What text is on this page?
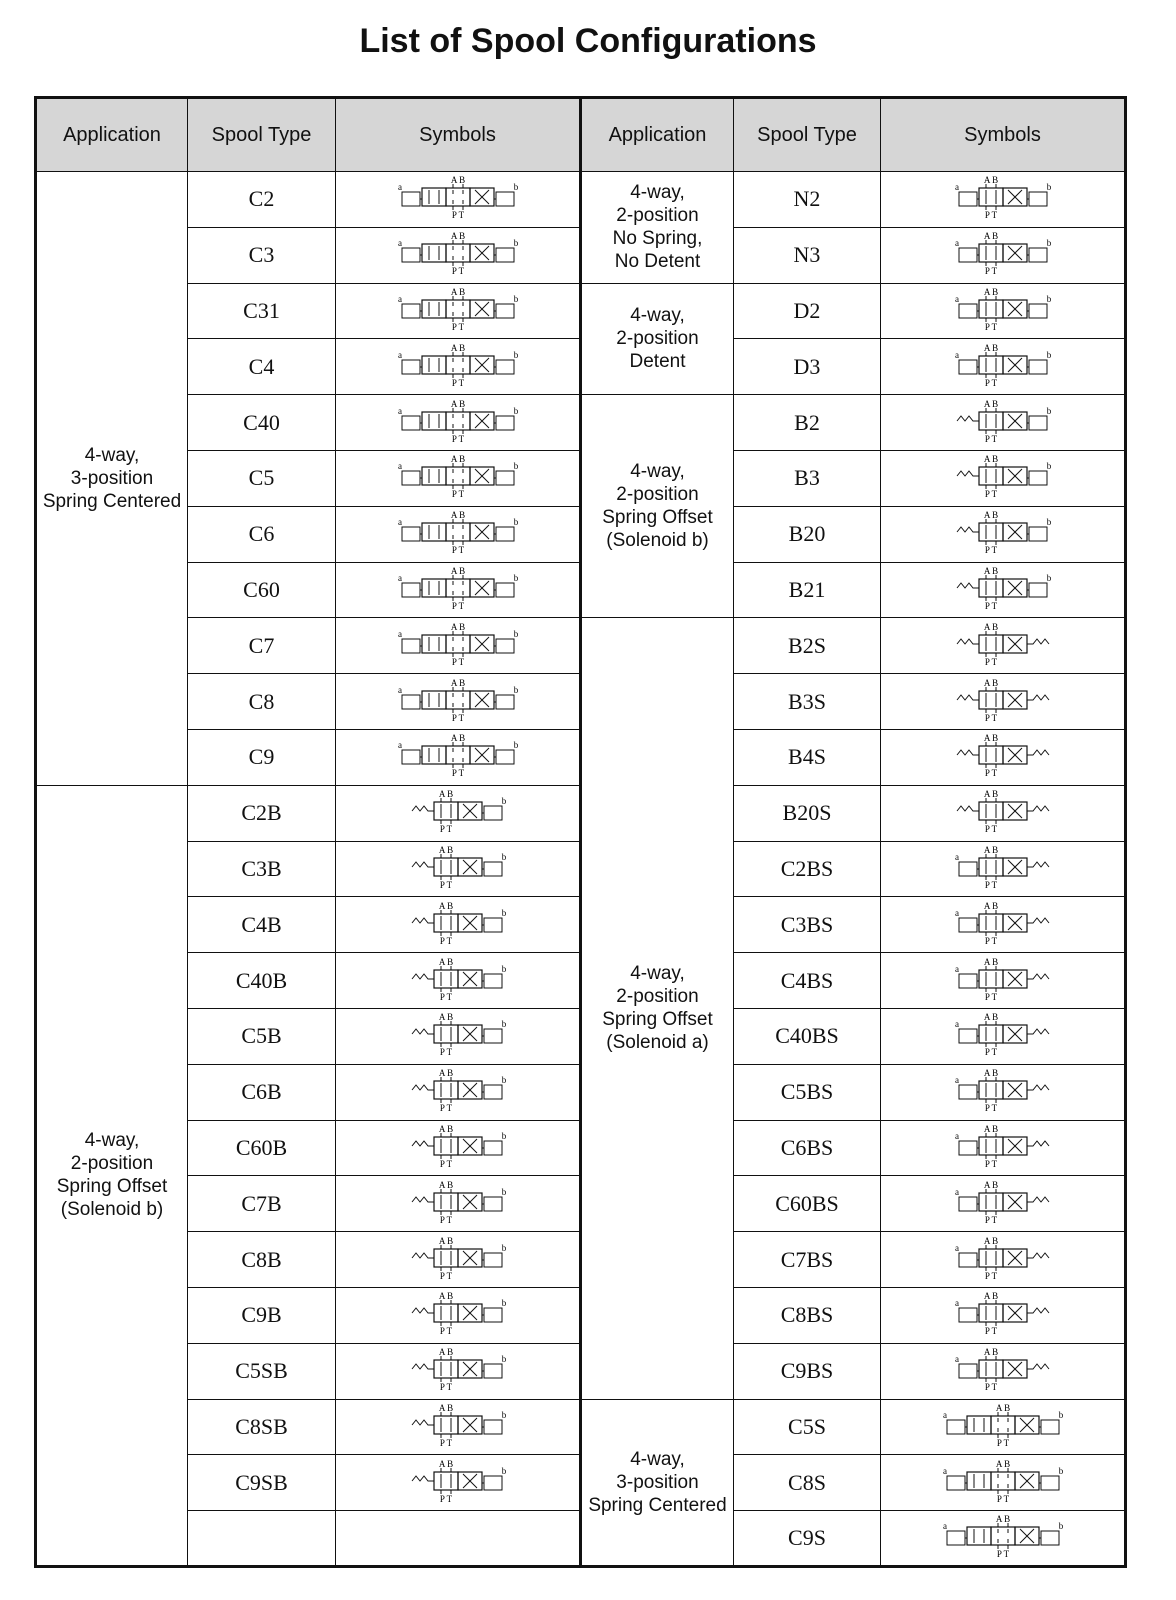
List of Spool Configurations
Application	Spool Type	Symbols	Application	Spool Type	Symbols
4-way,
3-position
Spring Centered	C2	A B
P T
a b	4-way,
2-position
No Spring,
No Detent	N2	A B
P T
a b

	C3	A B
P T
a b		N3	A B
P T
a b

	C31	A B
P T
a b	4-way,
2-position
Detent	D2	A B
P T
a b

	C4	A B
P T
a b		D3	A B
P T
a b

	C40	A B
P T
a b	4-way,
2-position
Spring Offset
(Solenoid b)	B2	A B
P T
b

	C5	A B
P T
a b		B3	A B
P T
b

	C6	A B
P T
a b		B20	A B
P T
b

	C60	A B
P T
a b		B21	A B
P T
b

	C7	A B
P T
a b	4-way,
2-position
Spring Offset
(Solenoid a)	B2S	A B
P T

	C8	A B
P T
a b		B3S	A B
P T

	C9	A B
P T
a b		B4S	A B
P T

4-way,
2-position
Spring Offset
(Solenoid b)	C2B	A B
P T
b		B20S	A B
P T

	C3B	A B
P T
b		C2BS	A B
P T
a

	C4B	A B
P T
b		C3BS	A B
P T
a

	C40B	A B
P T
b		C4BS	A B
P T
a

	C5B	A B
P T
b		C40BS	A B
P T
a

	C6B	A B
P T
b		C5BS	A B
P T
a

	C60B	A B
P T
b		C6BS	A B
P T
a

	C7B	A B
P T
b		C60BS	A B
P T
a

	C8B	A B
P T
b		C7BS	A B
P T
a

	C9B	A B
P T
b		C8BS	A B
P T
a

	C5SB	A B
P T
b		C9BS	A B
P T
a

	C8SB	A B
P T
b	4-way,
3-position
Spring Centered	C5S	A B
P T
a b

	C9SB	A B
P T
b		C8S	A B
P T
a b

				C9S	A B
P T
a b
